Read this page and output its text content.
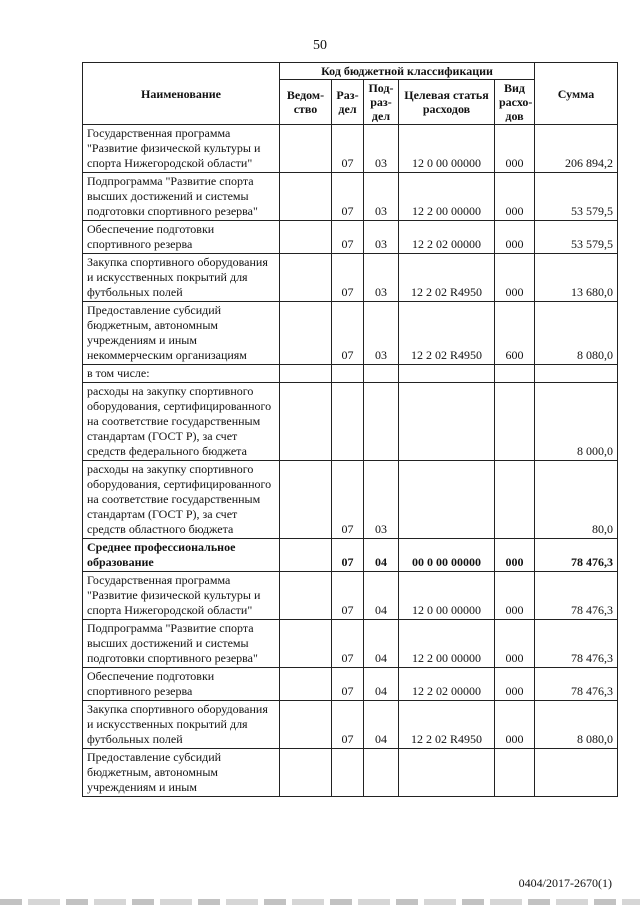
50
Наименование	Код бюджетной классификации					Сумма
	Ведом-ство	Раз-дел	Под-раз-дел	Целевая статья расходов	Вид расхо-дов	
Государственная программа "Развитие физической культуры и спорта Нижегородской области"		07	03	12 0 00 00000	000	206 894,2
Подпрограмма "Развитие спорта высших достижений и системы подготовки спортивного резерва"		07	03	12 2 00 00000	000	53 579,5
Обеспечение подготовки спортивного резерва		07	03	12 2 02 00000	000	53 579,5
Закупка спортивного оборудования и искусственных покрытий для футбольных полей		07	03	12 2 02 R4950	000	13 680,0
Предоставление субсидий бюджетным, автономным учреждениям и иным некоммерческим организациям		07	03	12 2 02 R4950	600	8 080,0
в том числе:						
расходы на закупку спортивного оборудования, сертифицированного на соответствие государственным стандартам (ГОСТ Р), за счет средств федерального бюджета						8 000,0
расходы на закупку спортивного оборудования, сертифицированного на соответствие государственным стандартам (ГОСТ Р), за счет средств областного бюджета		07	03			80,0
Среднее профессиональное образование		07	04	00 0 00 00000	000	78 476,3
Государственная программа "Развитие физической культуры и спорта Нижегородской области"		07	04	12 0 00 00000	000	78 476,3
Подпрограмма "Развитие спорта высших достижений и системы подготовки спортивного резерва"		07	04	12 2 00 00000	000	78 476,3
Обеспечение подготовки спортивного резерва		07	04	12 2 02 00000	000	78 476,3
Закупка спортивного оборудования и искусственных покрытий для футбольных полей		07	04	12 2 02 R4950	000	8 080,0
Предоставление субсидий бюджетным, автономным учреждениям и иным						
0404/2017-2670(1)
